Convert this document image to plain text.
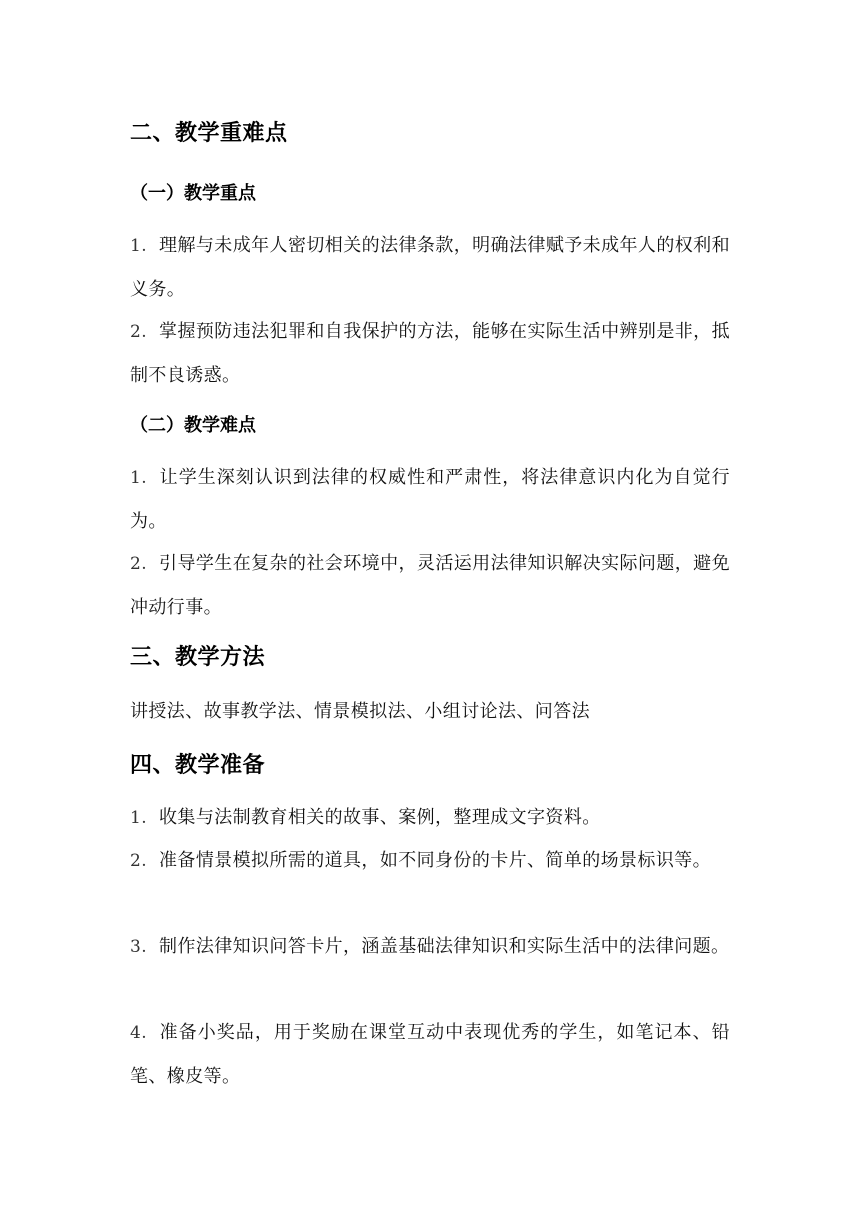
二、教学重难点
（一）教学重点
1. 理解与未成年人密切相关的法律条款，明确法律赋予未成年人的权利和义务。
2. 掌握预防违法犯罪和自我保护的方法，能够在实际生活中辨别是非，抵制不良诱惑。
（二）教学难点
1. 让学生深刻认识到法律的权威性和严肃性，将法律意识内化为自觉行为。
2. 引导学生在复杂的社会环境中，灵活运用法律知识解决实际问题，避免冲动行事。
三、教学方法
讲授法、故事教学法、情景模拟法、小组讨论法、问答法
四、教学准备
1. 收集与法制教育相关的故事、案例，整理成文字资料。
2. 准备情景模拟所需的道具，如不同身份的卡片、简单的场景标识等。
3. 制作法律知识问答卡片，涵盖基础法律知识和实际生活中的法律问题。
4. 准备小奖品，用于奖励在课堂互动中表现优秀的学生，如笔记本、铅笔、橡皮等。
